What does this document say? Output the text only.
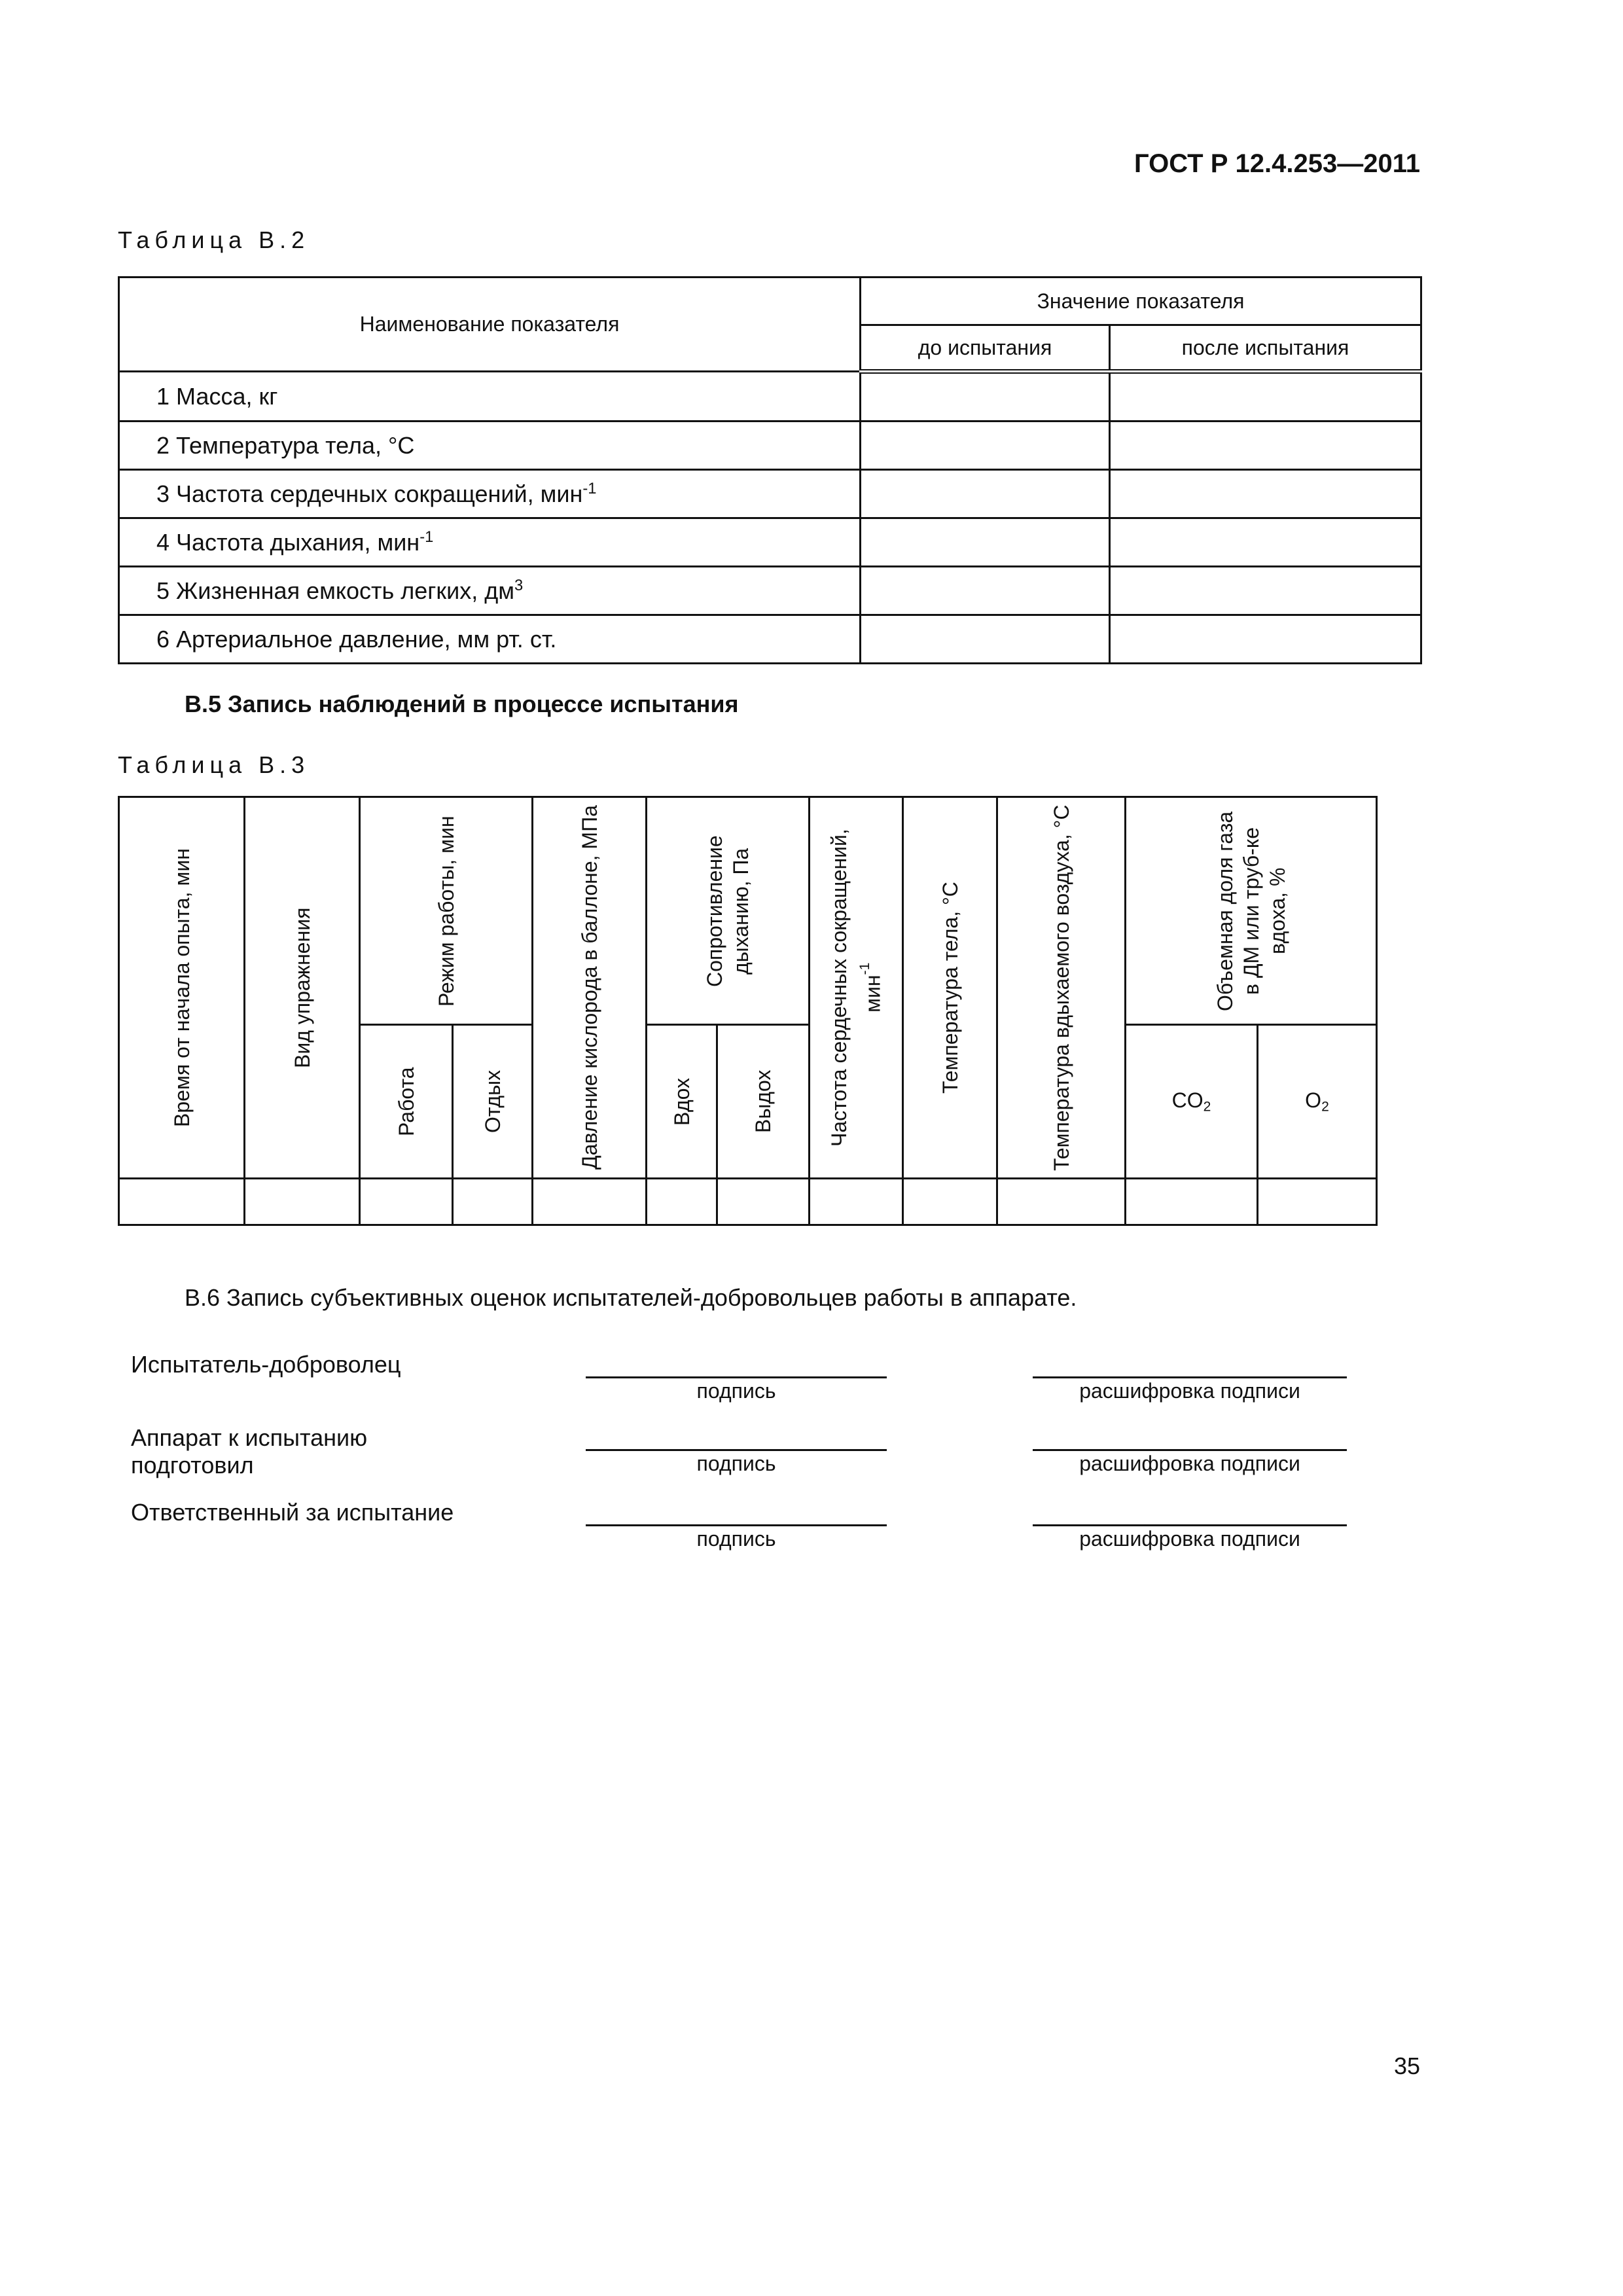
ГОСТ Р 12.4.253—2011
Таблица В.2
Наименование показателя	Значение показателя	
	до испытания	после испытания
1 Масса, кг		
2 Температура тела, °С		
3 Частота сердечных сокращений, мин$^{-1}$		
4 Частота дыхания, мин$^{-1}$		
5 Жизненная емкость легких, $дм^3$		
6 Артериальное давление, мм рт. ст.		
В.5 Запись наблюдений в процессе испытания
Таблица В.3
Время от начала опыта, мин	Вид упражнения	Режим работы, мин		Давление кислорода в баллоне, МПа	Сопротивление дыханию, Па		Частота сердечных сокращений, мин$^{-1}$	Температура тела, °С	Температура вдыхаемого воздуха, °С	Объемная доля газа в ДМ или труб-ке вдоха, %	

		Работа	Отдых		Вдох	Выдох				$CO_2$	$O_2$

В.6 Запись субъективных оценок испытателей-добровольцев работы в аппарате.
Испытатель-доброволец
подпись	расшифровка подписи
Аппарат к испытанию подготовил	подпись	расшифровка подписи
Ответственный за испытание
подпись	расшифровка подписи
35
